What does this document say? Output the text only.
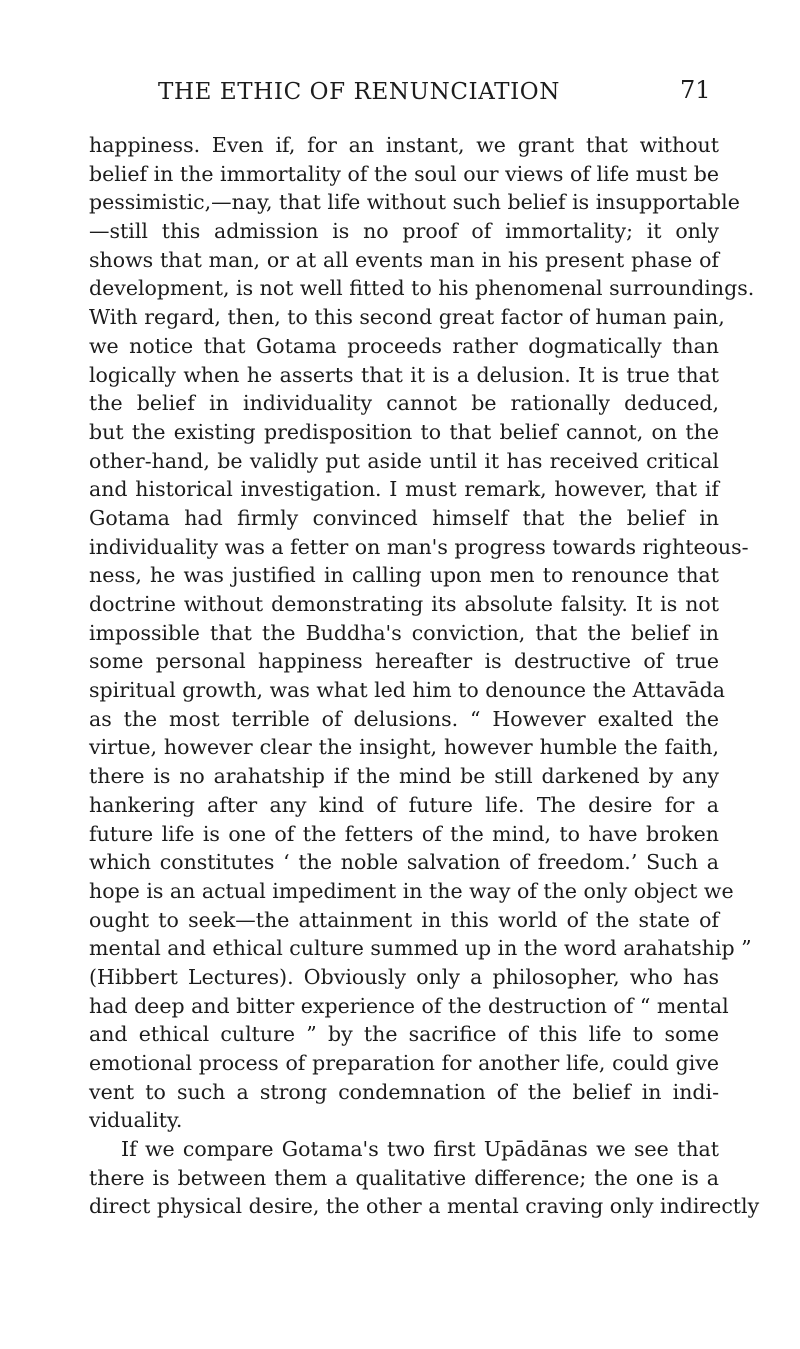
THE ETHIC OF RENUNCIATION	71
happiness. Even if, for an instant, we grant that without
belief in the immortality of the soul our views of life must be
pessimistic,—nay, that life without such belief is insupportable
—still this admission is no proof of immortality; it only
shows that man, or at all events man in his present phase of
development, is not well fitted to his phenomenal surroundings.
With regard, then, to this second great factor of human pain,
we notice that Gotama proceeds rather dogmatically than
logically when he asserts that it is a delusion. It is true that
the belief in individuality cannot be rationally deduced,
but the existing predisposition to that belief cannot, on the
other-hand, be validly put aside until it has received critical
and historical investigation. I must remark, however, that if
Gotama had firmly convinced himself that the belief in
individuality was a fetter on man's progress towards righteous-
ness, he was justified in calling upon men to renounce that
doctrine without demonstrating its absolute falsity. It is not
impossible that the Buddha's conviction, that the belief in
some personal happiness hereafter is destructive of true
spiritual growth, was what led him to denounce the Attavāda
as the most terrible of delusions. “ However exalted the
virtue, however clear the insight, however humble the faith,
there is no arahatship if the mind be still darkened by any
hankering after any kind of future life. The desire for a
future life is one of the fetters of the mind, to have broken
which constitutes ‘ the noble salvation of freedom.’ Such a
hope is an actual impediment in the way of the only object we
ought to seek—the attainment in this world of the state of
mental and ethical culture summed up in the word arahatship ”
(Hibbert Lectures). Obviously only a philosopher, who has
had deep and bitter experience of the destruction of “ mental
and ethical culture ” by the sacrifice of this life to some
emotional process of preparation for another life, could give
vent to such a strong condemnation of the belief in indi-
viduality.
If we compare Gotama's two first Upādānas we see that
there is between them a qualitative difference; the one is a
direct physical desire, the other a mental craving only indirectly
